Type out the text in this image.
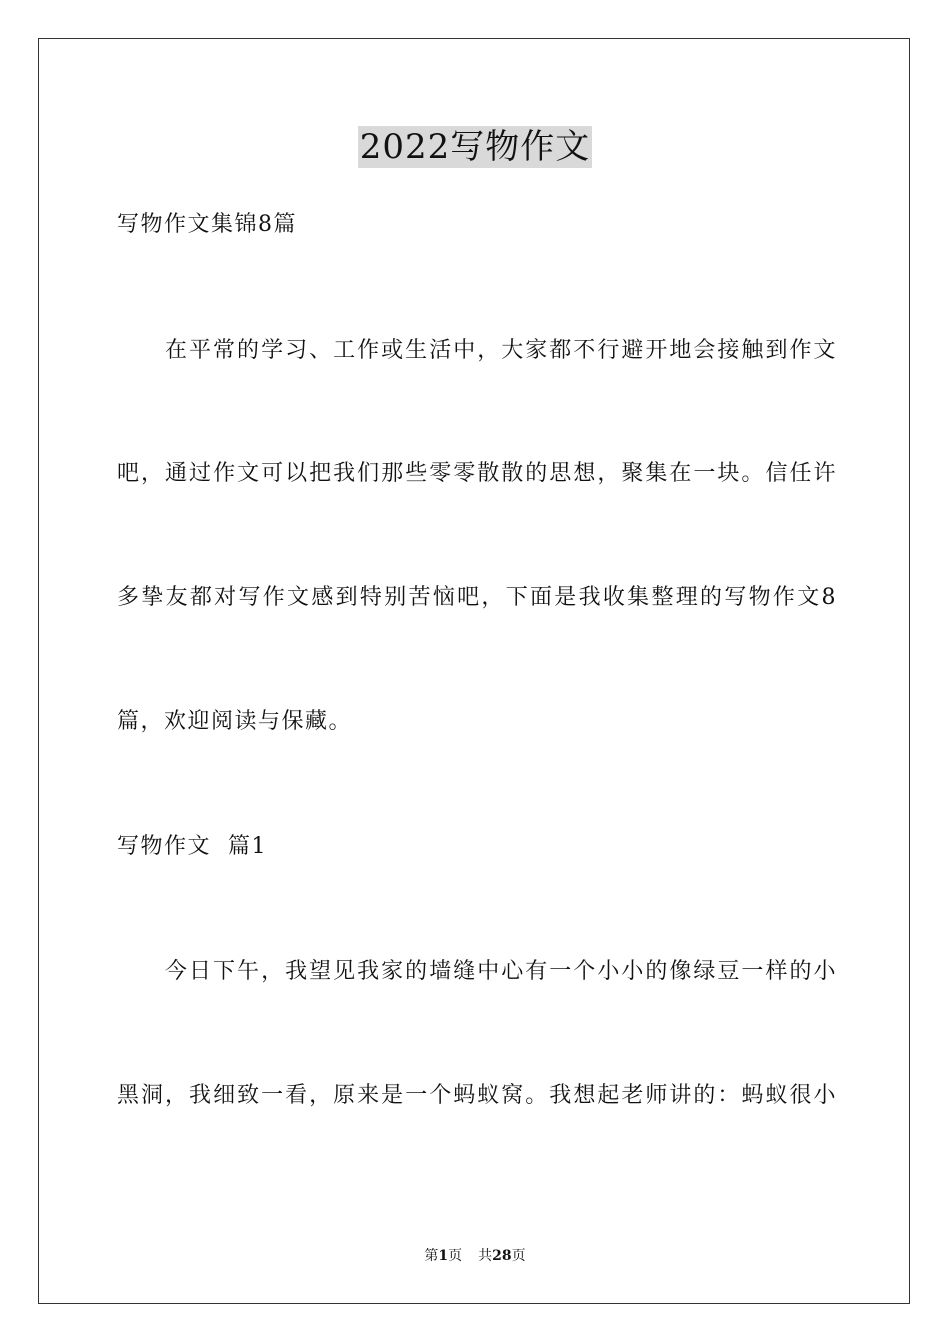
2022写物作文
写物作文集锦8篇
在平常的学习、工作或生活中，大家都不行避开地会接触到作文
吧，通过作文可以把我们那些零零散散的思想，聚集在一块。信任许
多挚友都对写作文感到特别苦恼吧，下面是我收集整理的写物作文8
篇，欢迎阅读与保藏。
写物作文  篇1
今日下午，我望见我家的墙缝中心有一个小小的像绿豆一样的小
黑洞，我细致一看，原来是一个蚂蚁窝。我想起老师讲的：蚂蚁很小
第1页 共28页
